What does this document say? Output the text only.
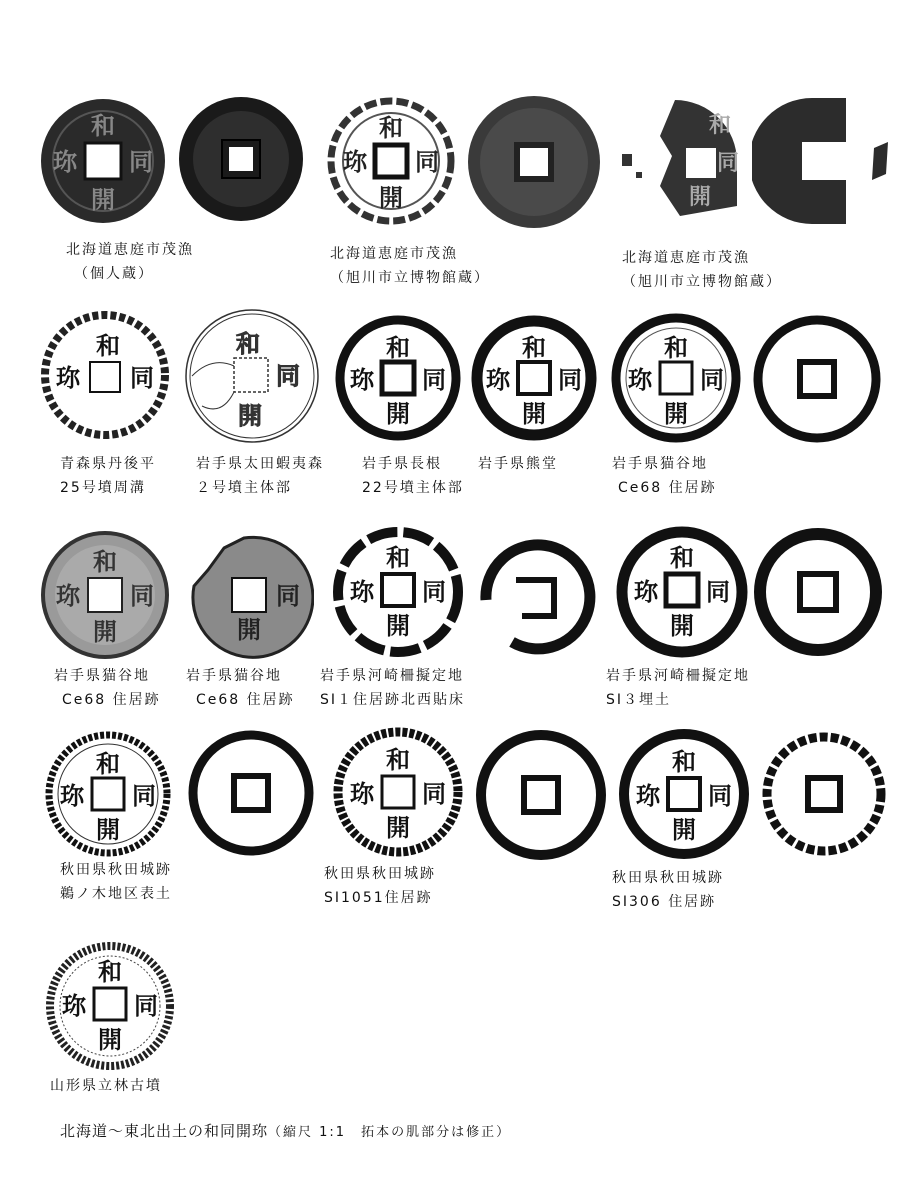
和
同
開
珎
和
同
開
珎
和
同
開
北海道恵庭市茂漁
（個人蔵）
北海道恵庭市茂漁
（旭川市立博物館蔵）
北海道恵庭市茂漁
（旭川市立博物館蔵）
和
同
珎
和
同
開
和
同
開
珎
和
同
開
珎
和
同
開
珎
青森県丹後平
25号墳周溝
岩手県太田蝦夷森
２号墳主体部
岩手県長根
22号墳主体部
岩手県熊堂	岩手県猫谷地
Ce68 住居跡
和
同
開
珎	同
開
和
同
開
珎
和
同
開
珎
岩手県猫谷地
Ce68 住居跡
岩手県猫谷地
Ce68 住居跡
岩手県河崎柵擬定地
SI１住居跡北西貼床
岩手県河崎柵擬定地
SI３埋土
和
同
開
珎
和
同
開
珎
和
同
開
珎
秋田県秋田城跡
鵜ノ木地区表土
秋田県秋田城跡
SI1051住居跡
秋田県秋田城跡
SI306 住居跡
和
同
開
珎
山形県立林古墳
北海道〜東北出土の和同開珎（縮尺 1:1　拓本の肌部分は修正）
